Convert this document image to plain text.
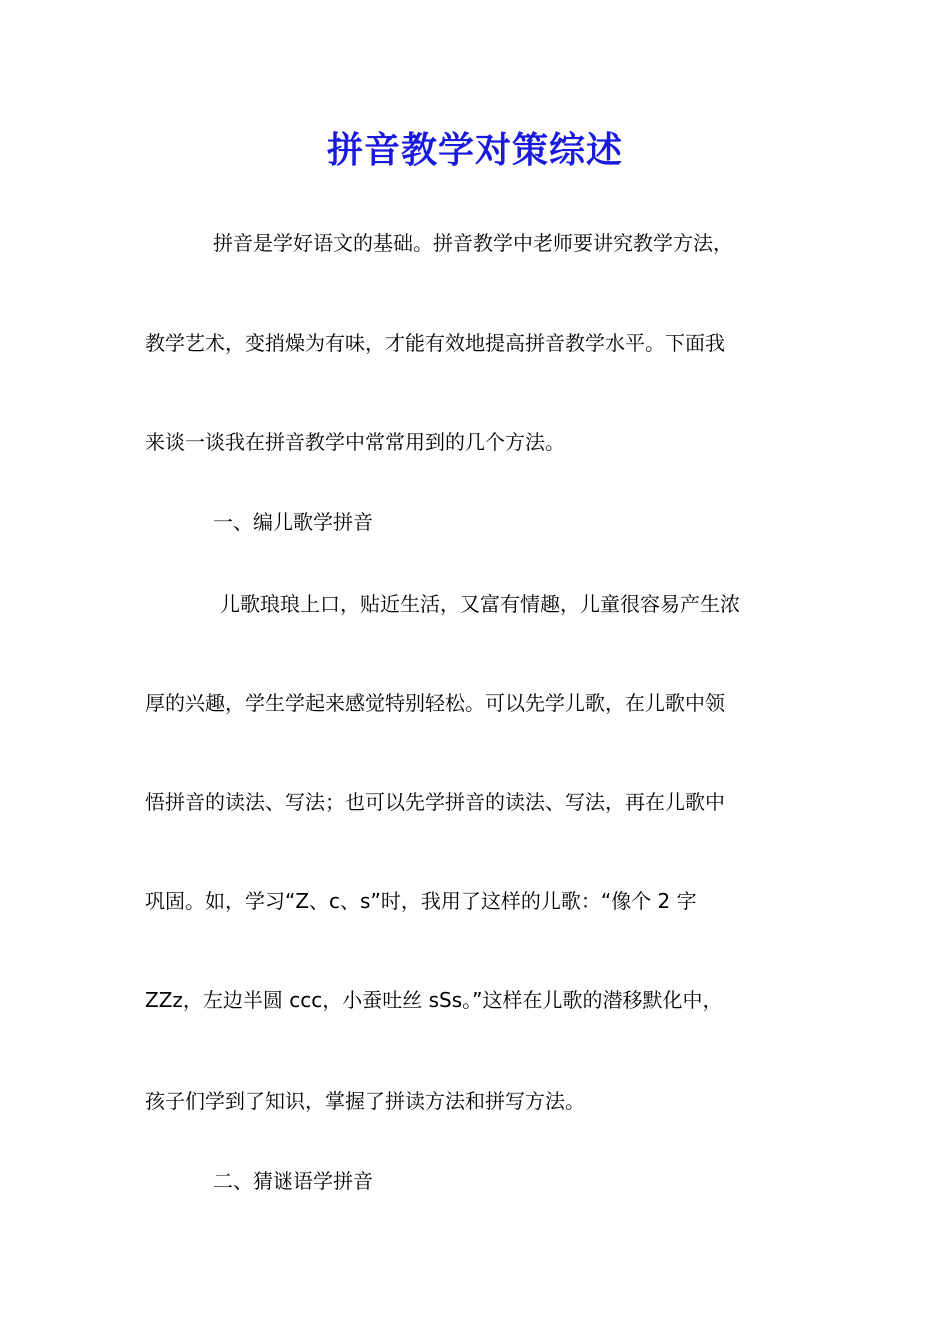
拼音教学对策综述
拼音是学好语文的基础。拼音教学中老师要讲究教学方法，
教学艺术，变捎燥为有味，才能有效地提高拼音教学水平。下面我
来谈一谈我在拼音教学中常常用到的几个方法。
一、编儿歌学拼音
儿歌琅琅上口，贴近生活，又富有情趣，儿童很容易产生浓
厚的兴趣，学生学起来感觉特别轻松。可以先学儿歌，在儿歌中领
悟拼音的读法、写法；也可以先学拼音的读法、写法，再在儿歌中
巩固。如，学习“Z、c、s”时，我用了这样的儿歌：“像个 2 字
ZZz，左边半圆 ccc，小蚕吐丝 sSs。”这样在儿歌的潜移默化中，
孩子们学到了知识，掌握了拼读方法和拼写方法。
二、猜谜语学拼音
